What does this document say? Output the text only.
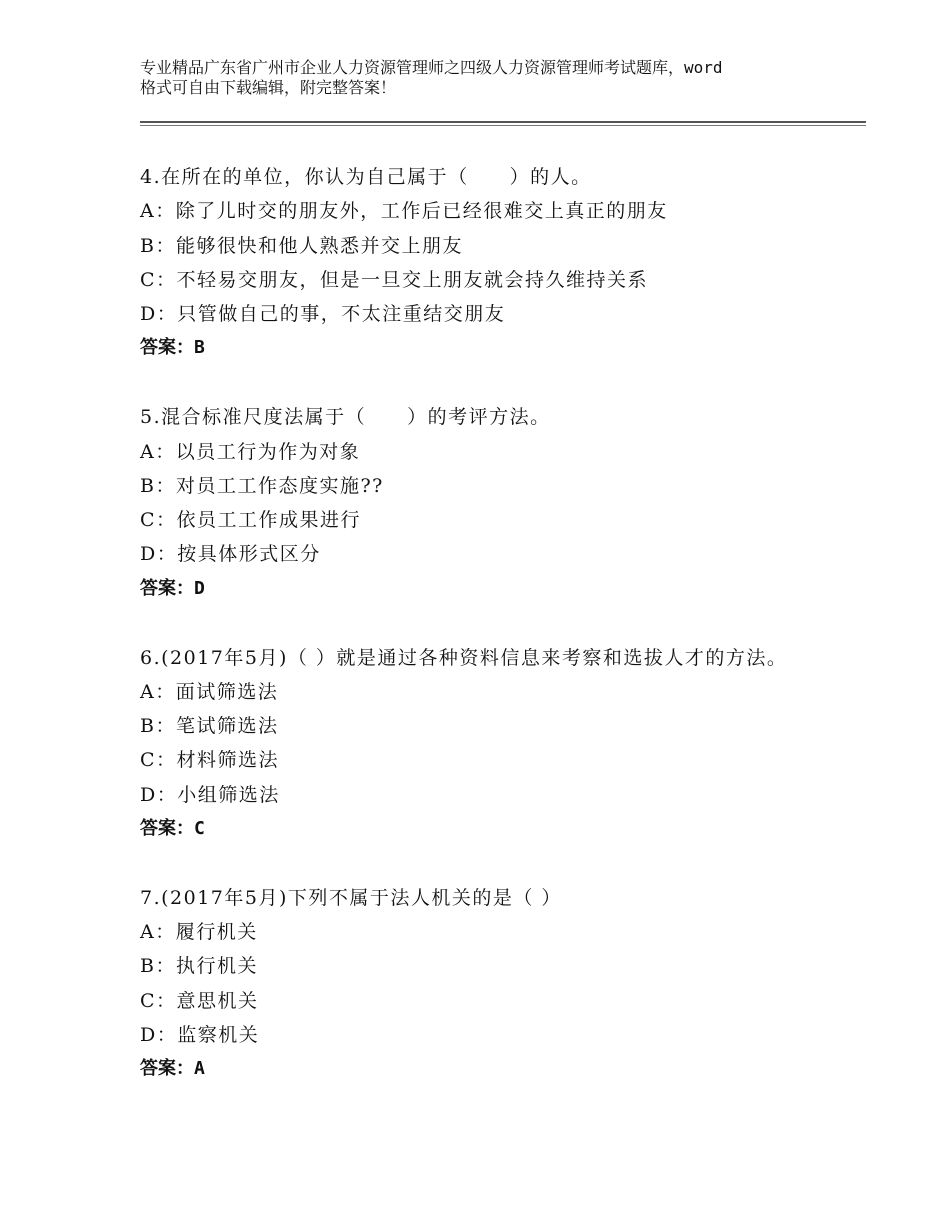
专业精品广东省广州市企业人力资源管理师之四级人力资源管理师考试题库，word
格式可自由下载编辑，附完整答案！
4.在所在的单位，你认为自己属于（　　）的人。
A：除了儿时交的朋友外，工作后已经很难交上真正的朋友
B：能够很快和他人熟悉并交上朋友
C：不轻易交朋友，但是一旦交上朋友就会持久维持关系
D：只管做自己的事，不太注重结交朋友
答案：B
5.混合标准尺度法属于（　　）的考评方法。
A：以员工行为作为对象
B：对员工工作态度实施??
C：依员工工作成果进行
D：按具体形式区分
答案：D
6.(2017年5月)（ ）就是通过各种资料信息来考察和选拔人才的方法。
A：面试筛选法
B：笔试筛选法
C：材料筛选法
D：小组筛选法
答案：C
7.(2017年5月)下列不属于法人机关的是（ ）
A：履行机关
B：执行机关
C：意思机关
D：监察机关
答案：A
